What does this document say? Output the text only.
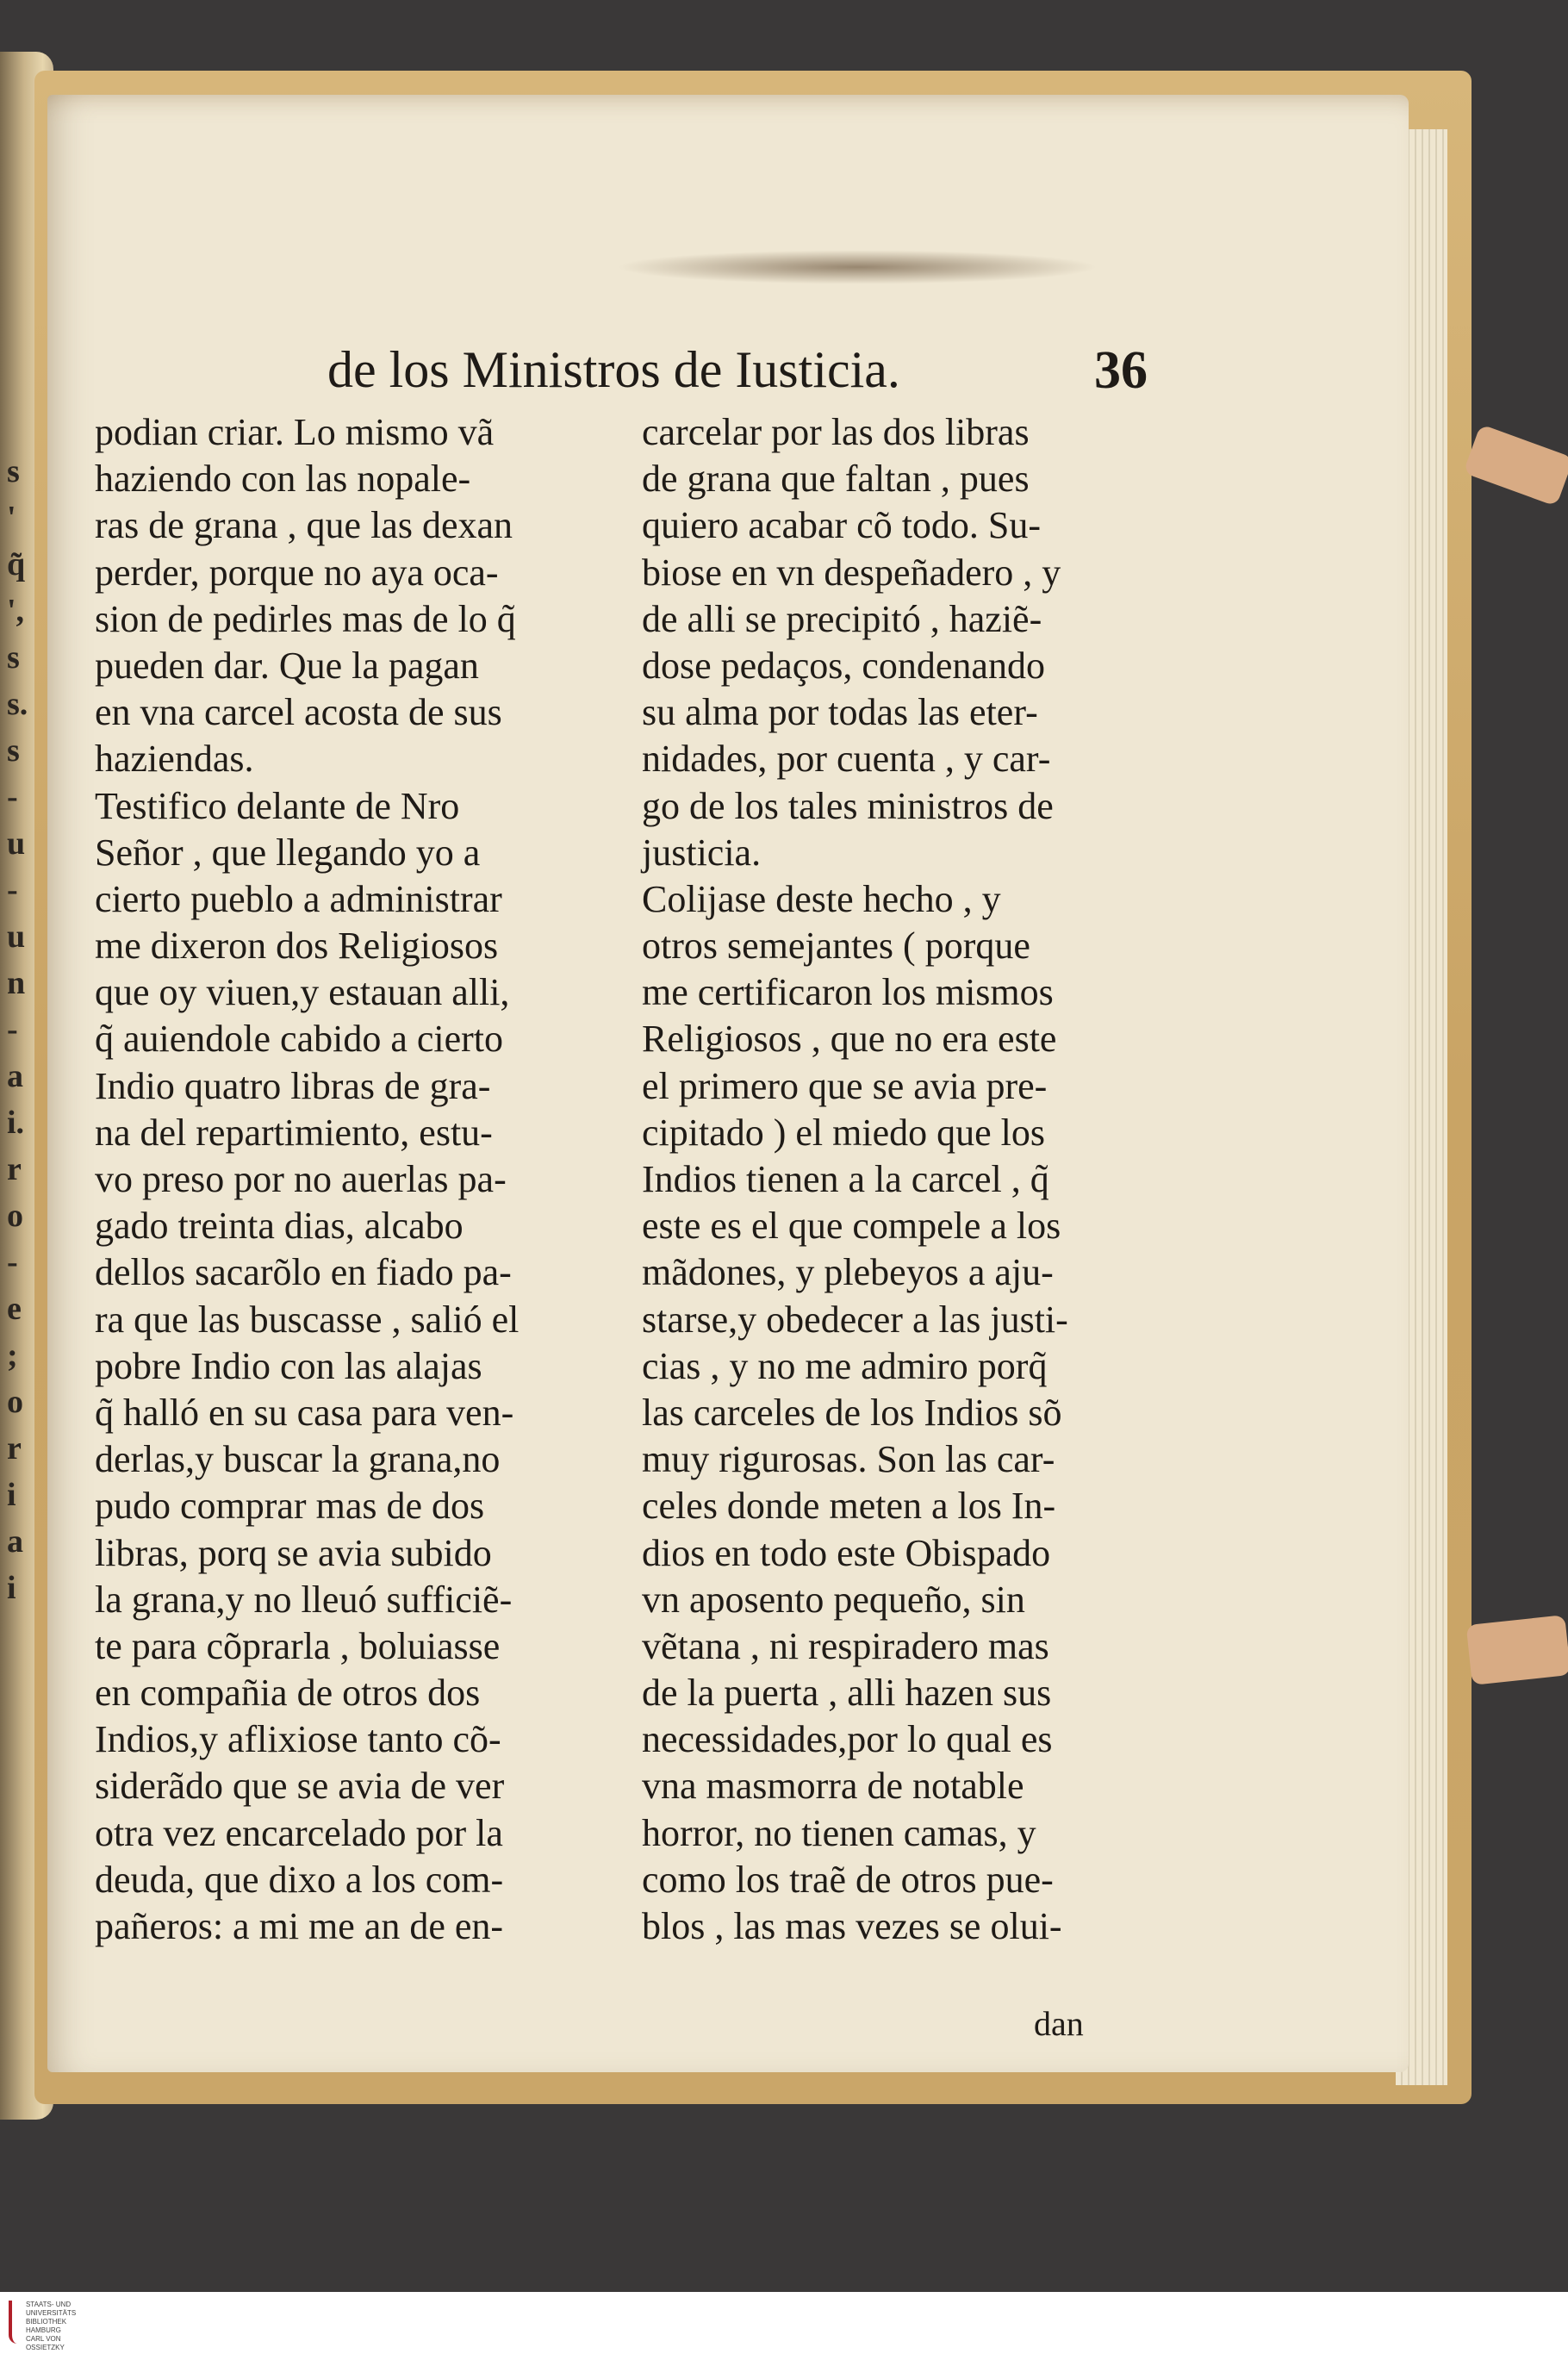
s
'
q̃
',
s
s.
s
-
u
-
u
n
-
a
i.
r
o
-
e
;
o
r
i
a
i
de los Ministros de Iusticia.	36
podian criar. Lo mismo vã
haziendo con las nopale-
ras de grana , que las dexan
perder, porque no aya oca-
sion de pedirles mas de lo q̃
pueden dar. Que la pagan
en vna carcel acosta de sus
haziendas.
Testifico delante de Nro
Señor , que llegando yo a
cierto pueblo a administrar
me dixeron dos Religiosos
que oy viuen,y estauan alli,
q̃ auiendole cabido a cierto
Indio quatro libras de gra-
na del repartimiento, estu-
vo preso por no auerlas pa-
gado treinta dias, alcabo
dellos sacarõlo en fiado pa-
ra que las buscasse , salió el
pobre Indio con las alajas
q̃ halló en su casa para ven-
derlas,y buscar la grana,no
pudo comprar mas de dos
libras, porq se avia subido
la grana,y no lleuó sufficiẽ-
te para cõprarla , boluiasse
en compañia de otros dos
Indios,y aflixiose tanto cõ-
siderãdo que se avia de ver
otra vez encarcelado por la
deuda, que dixo a los com-
pañeros: a mi me an de en-
carcelar por las dos libras
de grana que faltan , pues
quiero acabar cõ todo. Su-
biose en vn despeñadero , y
de alli se precipitó , haziẽ-
dose pedaços, condenando
su alma por todas las eter-
nidades, por cuenta , y car-
go de los tales ministros de
justicia.
Colijase deste hecho , y
otros semejantes ( porque
me certificaron los mismos
Religiosos , que no era este
el primero que se avia pre-
cipitado ) el miedo que los
Indios tienen a la carcel , q̃
este es el que compele a los
mãdones, y plebeyos a aju-
starse,y obedecer a las justi-
cias , y no me admiro porq̃
las carceles de los Indios sõ
muy rigurosas. Son las car-
celes donde meten a los In-
dios en todo este Obispado
vn aposento pequeño, sin
vẽtana , ni respiradero mas
de la puerta , alli hazen sus
necessidades,por lo qual es
vna masmorra de notable
horror, no tienen camas, y
como los traẽ de otros pue-
blos , las mas vezes se olui-
dan
STAATS- UND UNIVERSITÄTS
BIBLIOTHEK
HAMBURG
CARL VON OSSIETZKY
